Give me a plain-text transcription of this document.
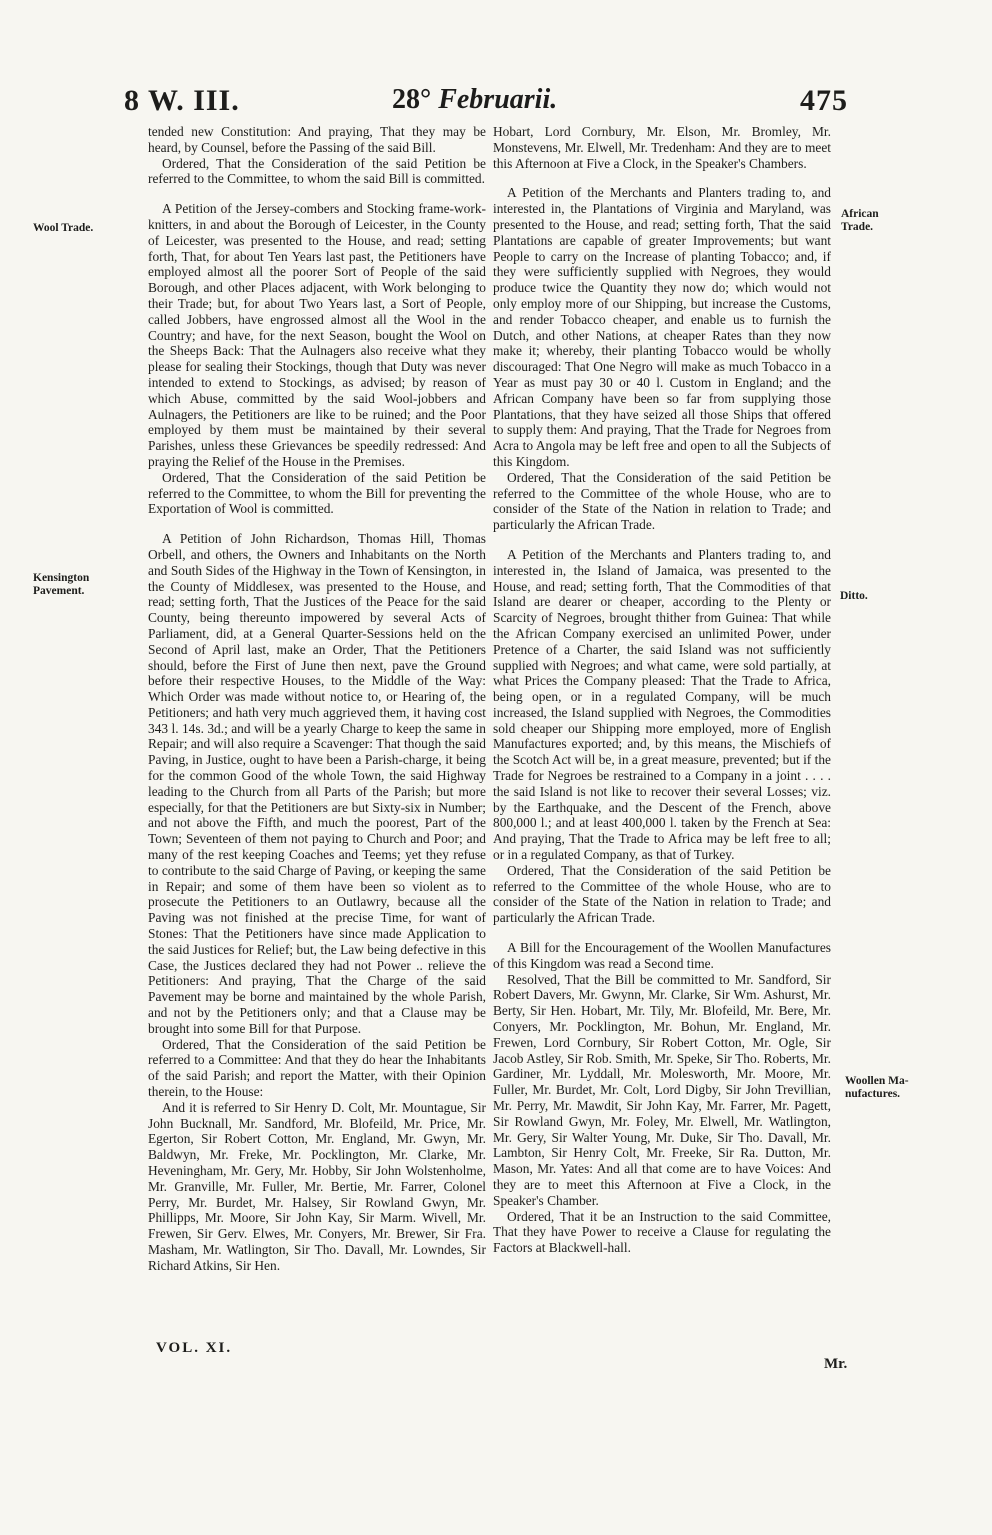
8 W. III.	28° Februarii.	475
Wool Trade.
Kensington
Pavement.
African
Trade.
Ditto.
Woollen Ma-
nufactures.

tended new Constitution: And praying, That they may be heard, by Counsel, before the Passing of the said Bill.

Ordered, That the Consideration of the said Petition be referred to the Committee, to whom the said Bill is committed.

A Petition of the Jersey-combers and Stocking frame-work-knitters, in and about the Borough of Leicester, in the County of Leicester, was presented to the House, and read; setting forth, That, for about Ten Years last past, the Petitioners have employed almost all the poorer Sort of People of the said Borough, and other Places adjacent, with Work belonging to their Trade; but, for about Two Years last, a Sort of People, called Jobbers, have engrossed almost all the Wool in the Country; and have, for the next Season, bought the Wool on the Sheeps Back: That the Aulnagers also receive what they please for sealing their Stockings, though that Duty was never intended to extend to Stockings, as advised; by reason of which Abuse, committed by the said Wool-jobbers and Aulnagers, the Petitioners are like to be ruined; and the Poor employed by them must be maintained by their several Parishes, unless these Grievances be speedily redressed: And praying the Relief of the House in the Premises.

Ordered, That the Consideration of the said Petition be referred to the Committee, to whom the Bill for preventing the Exportation of Wool is committed.

A Petition of John Richardson, Thomas Hill, Thomas Orbell, and others, the Owners and Inhabitants on the North and South Sides of the Highway in the Town of Kensington, in the County of Middlesex, was presented to the House, and read; setting forth, That the Justices of the Peace for the said County, being thereunto impowered by several Acts of Parliament, did, at a General Quarter-Sessions held on the Second of April last, make an Order, That the Petitioners should, before the First of June then next, pave the Ground before their respective Houses, to the Middle of the Way: Which Order was made without notice to, or Hearing of, the Petitioners; and hath very much aggrieved them, it having cost 343 l. 14s. 3d.; and will be a yearly Charge to keep the same in Repair; and will also require a Scavenger: That though the said Paving, in Justice, ought to have been a Parish-charge, it being for the common Good of the whole Town, the said Highway leading to the Church from all Parts of the Parish; but more especially, for that the Petitioners are but Sixty-six in Number; and not above the Fifth, and much the poorest, Part of the Town; Seventeen of them not paying to Church and Poor; and many of the rest keeping Coaches and Teems; yet they refuse to contribute to the said Charge of Paving, or keeping the same in Repair; and some of them have been so violent as to prosecute the Petitioners to an Outlawry, because all the Paving was not finished at the precise Time, for want of Stones: That the Petitioners have since made Application to the said Justices for Relief; but, the Law being defective in this Case, the Justices declared they had not Power .. relieve the Petitioners: And praying, That the Charge of the said Pavement may be borne and maintained by the whole Parish, and not by the Petitioners only; and that a Clause may be brought into some Bill for that Purpose.

Ordered, That the Consideration of the said Petition be referred to a Committee: And that they do hear the Inhabitants of the said Parish; and report the Matter, with their Opinion therein, to the House:

And it is referred to Sir Henry D. Colt, Mr. Mountague, Sir John Bucknall, Mr. Sandford, Mr. Blofeild, Mr. Price, Mr. Egerton, Sir Robert Cotton, Mr. England, Mr. Gwyn, Mr. Baldwyn, Mr. Freke, Mr. Pocklington, Mr. Clarke, Mr. Heveningham, Mr. Gery, Mr. Hobby, Sir John Wolstenholme, Mr. Granville, Mr. Fuller, Mr. Bertie, Mr. Farrer, Colonel Perry, Mr. Burdet, Mr. Halsey, Sir Rowland Gwyn, Mr. Phillipps, Mr. Moore, Sir John Kay, Sir Marm. Wivell, Mr. Frewen, Sir Gerv. Elwes, Mr. Conyers, Mr. Brewer, Sir Fra. Masham, Mr. Watlington, Sir Tho. Davall, Mr. Lowndes, Sir Richard Atkins, Sir Hen.

Hobart, Lord Cornbury, Mr. Elson, Mr. Bromley, Mr. Monstevens, Mr. Elwell, Mr. Tredenham: And they are to meet this Afternoon at Five a Clock, in the Speaker's Chambers.

A Petition of the Merchants and Planters trading to, and interested in, the Plantations of Virginia and Maryland, was presented to the House, and read; setting forth, That the said Plantations are capable of greater Improvements; but want People to carry on the Increase of planting Tobacco; and, if they were sufficiently supplied with Negroes, they would produce twice the Quantity they now do; which would not only employ more of our Shipping, but increase the Customs, and render Tobacco cheaper, and enable us to furnish the Dutch, and other Nations, at cheaper Rates than they now make it; whereby, their planting Tobacco would be wholly discouraged: That One Negro will make as much Tobacco in a Year as must pay 30 or 40 l. Custom in England; and the African Company have been so far from supplying those Plantations, that they have seized all those Ships that offered to supply them: And praying, That the Trade for Negroes from Acra to Angola may be left free and open to all the Subjects of this Kingdom.

Ordered, That the Consideration of the said Petition be referred to the Committee of the whole House, who are to consider of the State of the Nation in relation to Trade; and particularly the African Trade.

A Petition of the Merchants and Planters trading to, and interested in, the Island of Jamaica, was presented to the House, and read; setting forth, That the Commodities of that Island are dearer or cheaper, according to the Plenty or Scarcity of Negroes, brought thither from Guinea: That while the African Company exercised an unlimited Power, under Pretence of a Charter, the said Island was not sufficiently supplied with Negroes; and what came, were sold partially, at what Prices the Company pleased: That the Trade to Africa, being open, or in a regulated Company, will be much increased, the Island supplied with Negroes, the Commodities sold cheaper our Shipping more employed, more of English Manufactures exported; and, by this means, the Mischiefs of the Scotch Act will be, in a great measure, prevented; but if the Trade for Negroes be restrained to a Company in a joint . . . . the said Island is not like to recover their several Losses; viz. by the Earthquake, and the Descent of the French, above 800,000 l.; and at least 400,000 l. taken by the French at Sea: And praying, That the Trade to Africa may be left free to all; or in a regulated Company, as that of Turkey.

Ordered, That the Consideration of the said Petition be referred to the Committee of the whole House, who are to consider of the State of the Nation in relation to Trade; and particularly the African Trade.

A Bill for the Encouragement of the Woollen Manufactures of this Kingdom was read a Second time.

Resolved, That the Bill be committed to Mr. Sandford, Sir Robert Davers, Mr. Gwynn, Mr. Clarke, Sir Wm. Ashurst, Mr. Berty, Sir Hen. Hobart, Mr. Tily, Mr. Blofeild, Mr. Bere, Mr. Conyers, Mr. Pocklington, Mr. Bohun, Mr. England, Mr. Frewen, Lord Cornbury, Sir Robert Cotton, Mr. Ogle, Sir Jacob Astley, Sir Rob. Smith, Mr. Speke, Sir Tho. Roberts, Mr. Gardiner, Mr. Lyddall, Mr. Molesworth, Mr. Moore, Mr. Fuller, Mr. Burdet, Mr. Colt, Lord Digby, Sir John Trevillian, Mr. Perry, Mr. Mawdit, Sir John Kay, Mr. Farrer, Mr. Pagett, Sir Rowland Gwyn, Mr. Foley, Mr. Elwell, Mr. Watlington, Mr. Gery, Sir Walter Young, Mr. Duke, Sir Tho. Davall, Mr. Lambton, Sir Henry Colt, Mr. Freeke, Sir Ra. Dutton, Mr. Mason, Mr. Yates: And all that come are to have Voices: And they are to meet this Afternoon at Five a Clock, in the Speaker's Chamber.

Ordered, That it be an Instruction to the said Committee, That they have Power to receive a Clause for regulating the Factors at Blackwell-hall.

VOL. XI.
Mr.
